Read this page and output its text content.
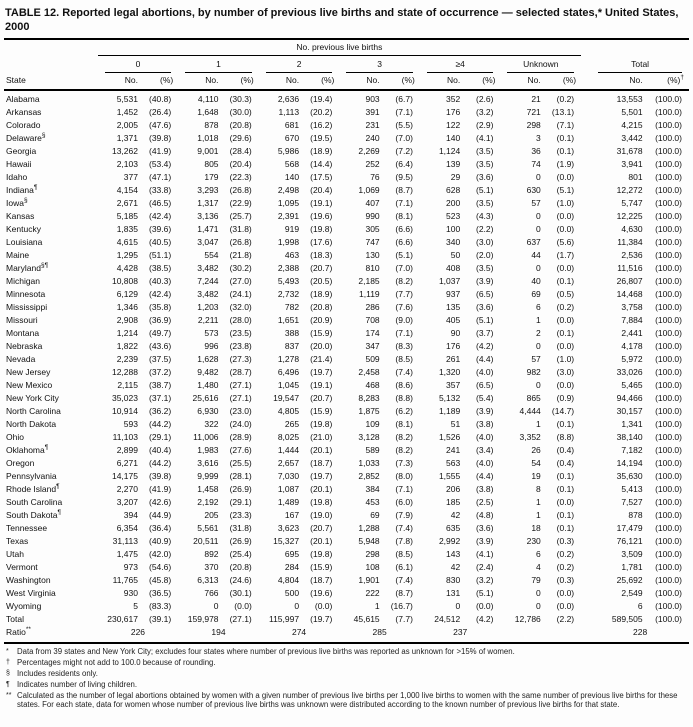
TABLE 12. Reported legal abortions, by number of previous live births and state of occurrence — selected states,* United States, 2000
	No. previous live births														

	0		1		2		3		≥4		Unknown			Total	

State	No.	(%)	No.	(%)	No.	(%)	No.	(%)	No.	(%)	No.	(%)		No.	(%)†
Alabama	5,531	(40.8)	4,110	(30.3)	2,636	(19.4)	903	(6.7)	352	(2.6)	21	(0.2)		13,553	(100.0)
Arkansas	1,452	(26.4)	1,648	(30.0)	1,113	(20.2)	391	(7.1)	176	(3.2)	721	(13.1)		5,501	(100.0)
Colorado	2,005	(47.6)	878	(20.8)	681	(16.2)	231	(5.5)	122	(2.9)	298	(7.1)		4,215	(100.0)
Delaware§	1,371	(39.8)	1,018	(29.6)	670	(19.5)	240	(7.0)	140	(4.1)	3	(0.1)		3,442	(100.0)
Georgia	13,262	(41.9)	9,001	(28.4)	5,986	(18.9)	2,269	(7.2)	1,124	(3.5)	36	(0.1)		31,678	(100.0)
Hawaii	2,103	(53.4)	805	(20.4)	568	(14.4)	252	(6.4)	139	(3.5)	74	(1.9)		3,941	(100.0)
Idaho	377	(47.1)	179	(22.3)	140	(17.5)	76	(9.5)	29	(3.6)	0	(0.0)		801	(100.0)
Indiana¶	4,154	(33.8)	3,293	(26.8)	2,498	(20.4)	1,069	(8.7)	628	(5.1)	630	(5.1)		12,272	(100.0)
Iowa§	2,671	(46.5)	1,317	(22.9)	1,095	(19.1)	407	(7.1)	200	(3.5)	57	(1.0)		5,747	(100.0)
Kansas	5,185	(42.4)	3,136	(25.7)	2,391	(19.6)	990	(8.1)	523	(4.3)	0	(0.0)		12,225	(100.0)
Kentucky	1,835	(39.6)	1,471	(31.8)	919	(19.8)	305	(6.6)	100	(2.2)	0	(0.0)		4,630	(100.0)
Louisiana	4,615	(40.5)	3,047	(26.8)	1,998	(17.6)	747	(6.6)	340	(3.0)	637	(5.6)		11,384	(100.0)
Maine	1,295	(51.1)	554	(21.8)	463	(18.3)	130	(5.1)	50	(2.0)	44	(1.7)		2,536	(100.0)
Maryland§¶	4,428	(38.5)	3,482	(30.2)	2,388	(20.7)	810	(7.0)	408	(3.5)	0	(0.0)		11,516	(100.0)
Michigan	10,808	(40.3)	7,244	(27.0)	5,493	(20.5)	2,185	(8.2)	1,037	(3.9)	40	(0.1)		26,807	(100.0)
Minnesota	6,129	(42.4)	3,482	(24.1)	2,732	(18.9)	1,119	(7.7)	937	(6.5)	69	(0.5)		14,468	(100.0)
Mississippi	1,346	(35.8)	1,203	(32.0)	782	(20.8)	286	(7.6)	135	(3.6)	6	(0.2)		3,758	(100.0)
Missouri	2,908	(36.9)	2,211	(28.0)	1,651	(20.9)	708	(9.0)	405	(5.1)	1	(0.0)		7,884	(100.0)
Montana	1,214	(49.7)	573	(23.5)	388	(15.9)	174	(7.1)	90	(3.7)	2	(0.1)		2,441	(100.0)
Nebraska	1,822	(43.6)	996	(23.8)	837	(20.0)	347	(8.3)	176	(4.2)	0	(0.0)		4,178	(100.0)
Nevada	2,239	(37.5)	1,628	(27.3)	1,278	(21.4)	509	(8.5)	261	(4.4)	57	(1.0)		5,972	(100.0)
New Jersey	12,288	(37.2)	9,482	(28.7)	6,496	(19.7)	2,458	(7.4)	1,320	(4.0)	982	(3.0)		33,026	(100.0)
New Mexico	2,115	(38.7)	1,480	(27.1)	1,045	(19.1)	468	(8.6)	357	(6.5)	0	(0.0)		5,465	(100.0)
New York City	35,023	(37.1)	25,616	(27.1)	19,547	(20.7)	8,283	(8.8)	5,132	(5.4)	865	(0.9)		94,466	(100.0)
North Carolina	10,914	(36.2)	6,930	(23.0)	4,805	(15.9)	1,875	(6.2)	1,189	(3.9)	4,444	(14.7)		30,157	(100.0)
North Dakota	593	(44.2)	322	(24.0)	265	(19.8)	109	(8.1)	51	(3.8)	1	(0.1)		1,341	(100.0)
Ohio	11,103	(29.1)	11,006	(28.9)	8,025	(21.0)	3,128	(8.2)	1,526	(4.0)	3,352	(8.8)		38,140	(100.0)
Oklahoma¶	2,899	(40.4)	1,983	(27.6)	1,444	(20.1)	589	(8.2)	241	(3.4)	26	(0.4)		7,182	(100.0)
Oregon	6,271	(44.2)	3,616	(25.5)	2,657	(18.7)	1,033	(7.3)	563	(4.0)	54	(0.4)		14,194	(100.0)
Pennsylvania	14,175	(39.8)	9,999	(28.1)	7,030	(19.7)	2,852	(8.0)	1,555	(4.4)	19	(0.1)		35,630	(100.0)
Rhode Island¶	2,270	(41.9)	1,458	(26.9)	1,087	(20.1)	384	(7.1)	206	(3.8)	8	(0.1)		5,413	(100.0)
South Carolina	3,207	(42.6)	2,192	(29.1)	1,489	(19.8)	453	(6.0)	185	(2.5)	1	(0.0)		7,527	(100.0)
South Dakota¶	394	(44.9)	205	(23.3)	167	(19.0)	69	(7.9)	42	(4.8)	1	(0.1)		878	(100.0)
Tennessee	6,354	(36.4)	5,561	(31.8)	3,623	(20.7)	1,288	(7.4)	635	(3.6)	18	(0.1)		17,479	(100.0)
Texas	31,113	(40.9)	20,511	(26.9)	15,327	(20.1)	5,948	(7.8)	2,992	(3.9)	230	(0.3)		76,121	(100.0)
Utah	1,475	(42.0)	892	(25.4)	695	(19.8)	298	(8.5)	143	(4.1)	6	(0.2)		3,509	(100.0)
Vermont	973	(54.6)	370	(20.8)	284	(15.9)	108	(6.1)	42	(2.4)	4	(0.2)		1,781	(100.0)
Washington	11,765	(45.8)	6,313	(24.6)	4,804	(18.7)	1,901	(7.4)	830	(3.2)	79	(0.3)		25,692	(100.0)
West Virginia	930	(36.5)	766	(30.1)	500	(19.6)	222	(8.7)	131	(5.1)	0	(0.0)		2,549	(100.0)
Wyoming	5	(83.3)	0	(0.0)	0	(0.0)	1	(16.7)	0	(0.0)	0	(0.0)		6	(100.0)
Total	230,617	(39.1)	159,978	(27.1)	115,997	(19.7)	45,615	(7.7)	24,512	(4.2)	12,786	(2.2)		589,505	(100.0)
Ratio**	226		194		274		285		237					228	
* Data from 39 states and New York City; excludes four states where number of previous live births was reported as unknown for >15% of women.
† Percentages might not add to 100.0 because of rounding.
§ Includes residents only.
¶ Indicates number of living children.
** Calculated as the number of legal abortions obtained by women with a given number of previous live births per 1,000 live births to women with the same number of previous live births for these states. For each state, data for women whose number of previous live births was unknown were distributed according to the known number of previous live births for that state.
